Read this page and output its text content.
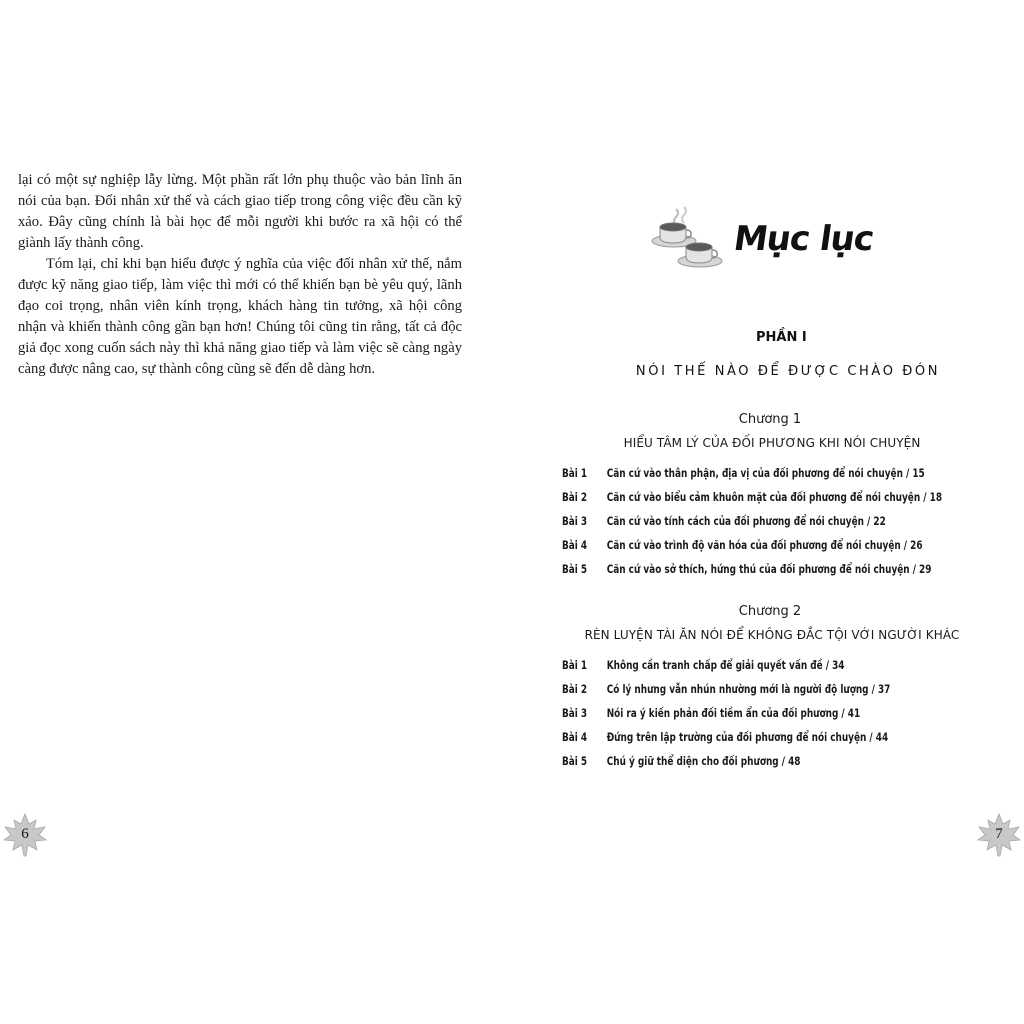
lại có một sự nghiệp lẫy lừng. Một phần rất lớn phụ thuộc vào bản lĩnh ăn nói của bạn. Đối nhân xử thế và cách giao tiếp trong công việc đều cần kỹ xảo. Đây cũng chính là bài học để mỗi người khi bước ra xã hội có thể giành lấy thành công.

Tóm lại, chỉ khi bạn hiểu được ý nghĩa của việc đối nhân xử thế, nắm được kỹ năng giao tiếp, làm việc thì mới có thể khiến bạn bè yêu quý, lãnh đạo coi trọng, nhân viên kính trọng, khách hàng tin tưởng, xã hội công nhận và khiến thành công gần bạn hơn! Chúng tôi cũng tin rằng, tất cả độc giả đọc xong cuốn sách này thì khả năng giao tiếp và làm việc sẽ càng ngày càng được nâng cao, sự thành công cũng sẽ đến dễ dàng hơn.

6
Mục lục
PHẦN I
NÓI THẾ NÀO ĐỂ ĐƯỢC CHÀO ĐÓN
Chương 1
HIỂU TÂM LÝ CỦA ĐỐI PHƯƠNG KHI NÓI CHUYỆN
Bài 1	Căn cứ vào thân phận, địa vị của đối phương để nói chuyện / 15
Bài 2	Căn cứ vào biểu cảm khuôn mặt của đối phương để nói chuyện / 18
Bài 3	Căn cứ vào tính cách của đối phương để nói chuyện / 22
Bài 4	Căn cứ vào trình độ văn hóa của đối phương để nói chuyện / 26
Bài 5	Căn cứ vào sở thích, hứng thú của đối phương để nói chuyện / 29
Chương 2
RÈN LUYỆN TÀI ĂN NÓI ĐỂ KHÔNG ĐẮC TỘI VỚI NGƯỜI KHÁC
Bài 1	Không cần tranh chấp để giải quyết vấn đề / 34
Bài 2	Có lý nhưng vẫn nhún nhường mới là người độ lượng / 37
Bài 3	Nói ra ý kiến phản đối tiềm ẩn của đối phương / 41
Bài 4	Đứng trên lập trường của đối phương để nói chuyện / 44
Bài 5	Chú ý giữ thể diện cho đối phương / 48
7
